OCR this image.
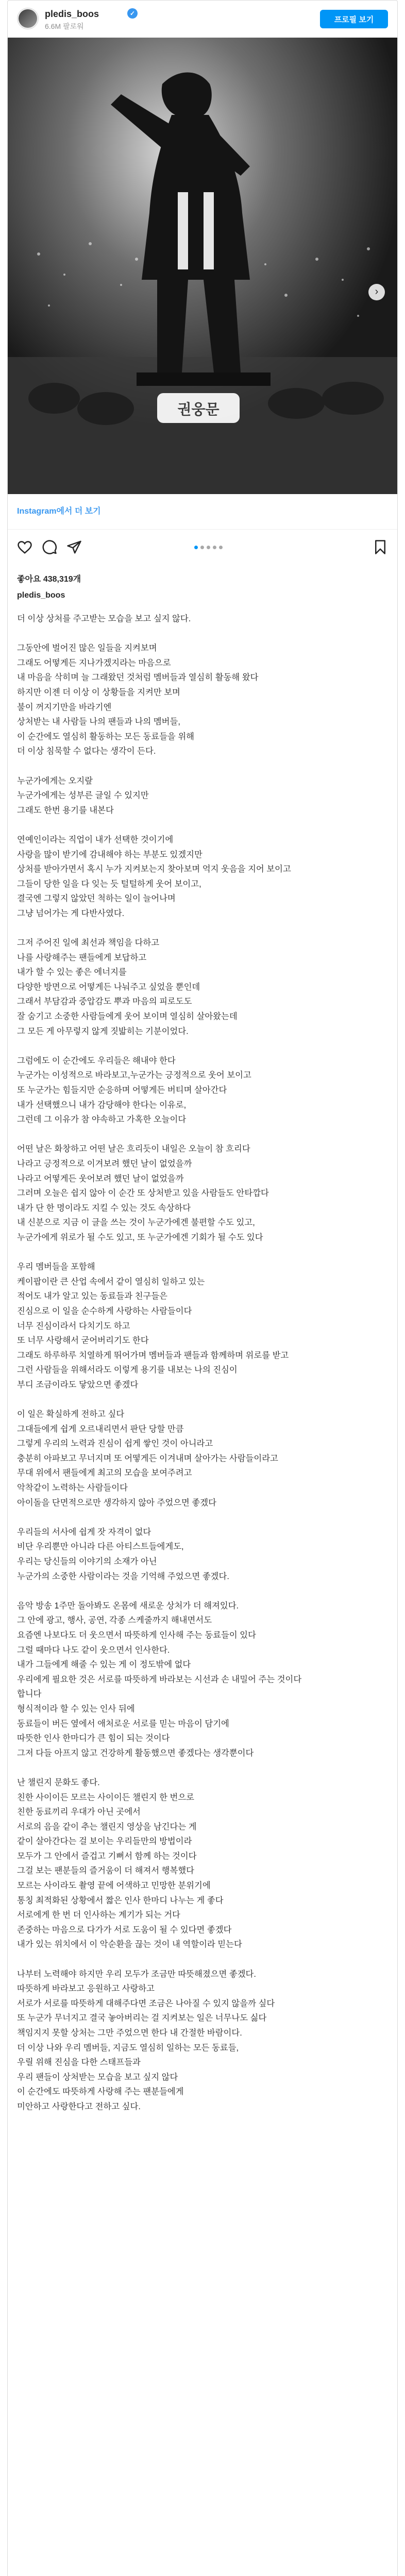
pledis_boos	✓
6.6M 팔로워
프로필 보기
권웅문
›
Instagram에서 더 보기
좋아요 438,319개
pledis_boos
더 이상 상처를 주고받는 모습을 보고 싶지 않다.

그동안에 벌어진 많은 일들을 지켜보며
그래도 어떻게든 지나가겠지라는 마음으로
내 마음을 삭히며 늘 그래왔던 것처럼 멤버들과 열심히 활동해 왔다
하지만 이젠 더 이상 이 상황들을 지켜만 보며
불이 꺼지기만을 바라기엔
상처받는 내 사람들 나의 팬들과 나의 멤버들,
이 순간에도 열심히 활동하는 모든 동료들을 위해
더 이상 침묵할 수 없다는 생각이 든다.

누군가에게는 오지랖
누군가에게는 성부른 글일 수 있지만
그래도 한번 용기를 내본다

연예인이라는 직업이 내가 선택한 것이기에
사랑을 많이 받기에 감내해야 하는 부분도 있겠지만
상처를 받아가면서 혹시 누가 지켜보는지 찾아보며 억지 웃음을 지어 보이고
그들이 당한 일을 다 잊는 듯 털털하게 웃어 보이고,
결국엔 그렇지 않았던 척하는 일이 늘어나며
그냥 넘어가는 게 다반사였다.

그저 주어진 일에 최선과 책임을 다하고
나를 사랑해주는 팬들에게 보답하고
내가 할 수 있는 좋은 에너지를
다양한 방면으로 어떻게든 나눠주고 싶었을 뿐인데
그래서 부담감과 중압감도 뿌과 마음의 피로도도
잘 숨기고 소중한 사람들에게 웃어 보이며 열심히 살아왔는데
그 모든 게 아무렇지 않게 짓밟히는 기분이었다.

그럼에도 이 순간에도 우리들은 해내야 한다
누군가는 이성적으로 바라보고,누군가는 긍정적으로 웃어 보이고
또 누군가는 힘들지만 순응하며 어떻게든 버티며 살아간다
내가 선택했으니 내가 감당해야 한다는 이유로,
그런데 그 이유가 참 야속하고 가혹한 오늘이다

어떤 날은 화창하고 어떤 날은 흐리듯이 내일은 오늘이 참 흐리다
나라고 긍정적으로 이겨보려 했던 날이 없었을까
나라고 어떻게든 웃어보려 했던 날이 없었을까
그러며 오늘은 쉽지 않아 이 순간 또 상처받고 있을 사람들도 안타깝다
내가 단 한 명이라도 지킬 수 있는 것도 속상하다
내 신분으로 지금 이 글을 쓰는 것이 누군가에겐 불편할 수도 있고,
누군가에게 위로가 될 수도 있고, 또 누군가에겐 기회가 될 수도 있다

우리 멤버들을 포함해
케이팝이란 큰 산업 속에서 같이 열심히 일하고 있는
적어도 내가 알고 있는 동료들과 친구들은
진심으로 이 일을 순수하게 사랑하는 사람들이다
너무 진심이라서 다치기도 하고
또 너무 사랑해서 굳어버리기도 한다
그래도 하루하루 치열하게 뛰어가며 멤버들과 팬들과 함께하며 위로를 받고
그런 사람들을 위해서라도 이렇게 용기를 내보는 나의 진심이
부디 조금이라도 닿았으면 좋겠다

이 일은 확실하게 전하고 싶다
그대들에게 쉽게 오르내리면서 판단 당할 만큼
그렇게 우리의 노력과 진심이 쉽게 쌓인 것이 아니라고
충분히 아파보고 무너지며 또 어떻게든 이겨내며 살아가는 사람들이라고
무대 위에서 팬들에게 최고의 모습을 보여주려고
악착같이 노력하는 사람들이다
아이돌을 단면적으로만 생각하지 않아 주었으면 좋겠다

우리들의 서사에 쉽게 잣 자격이 없다
비단 우리뿐만 아니라 다른 아티스트들에게도,
우리는 당신들의 이야기의 소재가 아닌
누군가의 소중한 사람이라는 것을 기억해 주었으면 좋겠다.

음악 방송 1주만 돌아봐도 온몸에 새로운 상처가 더 해져있다.
그 안에 광고, 행사, 공연, 각종 스케줄까지 해내면서도
요즘엔 나보다도 더 웃으면서 따뜻하게 인사해 주는 동료들이 있다
그럴 때마다 나도 같이 웃으면서 인사한다.
내가 그들에게 해줄 수 있는 게 이 정도밖에 없다
우리에게 필요한 것은 서로를 따뜻하게 바라보는 시선과 손 내밀어 주는 것이다
합니다
형식적이라 할 수 있는 인사 뒤에
동료들이 버든 옆에서 애처로운 서로를 믿는 마음이 담기에
따뜻한 인사 한마디가 큰 힘이 되는 것이다
그저 다들 아프지 않고 건강하게 활동했으면 좋겠다는 생각뿐이다

난 챌린지 문화도 좋다.
친한 사이이든 모르는 사이이든 챌린지 한 번으로
친한 동료끼리 우대가 아닌 곳에서
서로의 음을 같이 추는 챌린지 영상을 남긴다는 게
같이 살아간다는 걸 보이는 우리들만의 방법이라
모두가 그 안에서 즐겁고 기뻐서 함께 하는 것이다
그걸 보는 팬분들의 즐거움이 더 해져서 행복했다
모르는 사이라도 촬영 끝에 어색하고 민망한 분위기에
통칭 최적화된 상황에서 짧은 인사 한마디 나누는 게 좋다
서로에게 한 번 더 인사하는 계기가 되는 거다
존중하는 마음으로 다가가 서로 도움이 될 수 있다면 좋겠다
내가 있는 위치에서 이 악순환을 끊는 것이 내 역할이라 믿는다

나부터 노력해야 하지만 우리 모두가 조금만 따뜻해졌으면 좋겠다.
따뜻하게 바라보고 응원하고 사랑하고
서로가 서로를 따뜻하게 대해주다면 조금은 나아질 수 있지 않을까 싶다
또 누군가 무너지고 결국 놓아버리는 걸 지켜보는 일은 너무나도 싫다
책임지지 못할 상처는 그만 주었으면 한다 내 간절한 바람이다.
더 이상 나와 우리 멤버들, 지금도 열심히 일하는 모든 동료들,
우릴 위해 진심을 다한 스태프들과
우리 팬들이 상처받는 모습을 보고 싶지 않다
이 순간에도 따뜻하게 사랑해 주는 팬분들에게
미안하고 사랑한다고 전하고 싶다.
